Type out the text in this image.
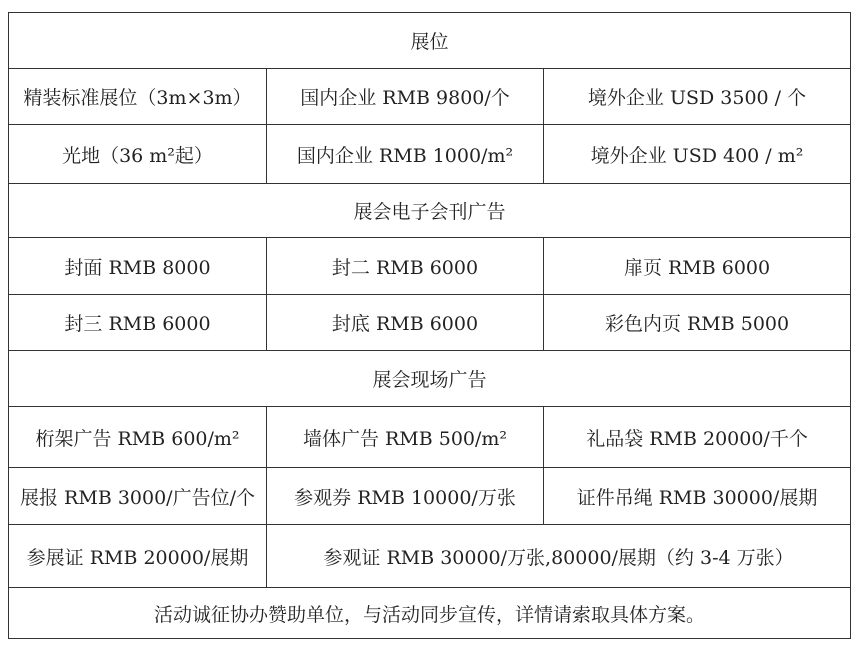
展位		
精装标准展位（3m×3m）	国内企业 RMB 9800/个	境外企业 USD 3500 / 个
光地（36 m²起）	国内企业 RMB 1000/m²	境外企业 USD 400 / m²
展会电子会刊广告		
封面 RMB 8000	封二 RMB 6000	扉页 RMB 6000
封三 RMB 6000	封底 RMB 6000	彩色内页 RMB 5000
展会现场广告		
桁架广告 RMB 600/m²	墙体广告 RMB 500/m²	礼品袋 RMB 20000/千个
展报 RMB 3000/广告位/个	参观券 RMB 10000/万张	证件吊绳 RMB 30000/展期
参展证 RMB 20000/展期	参观证 RMB 30000/万张,80000/展期（约 3-4 万张）	
活动诚征协办赞助单位，与活动同步宣传，详情请索取具体方案。		
